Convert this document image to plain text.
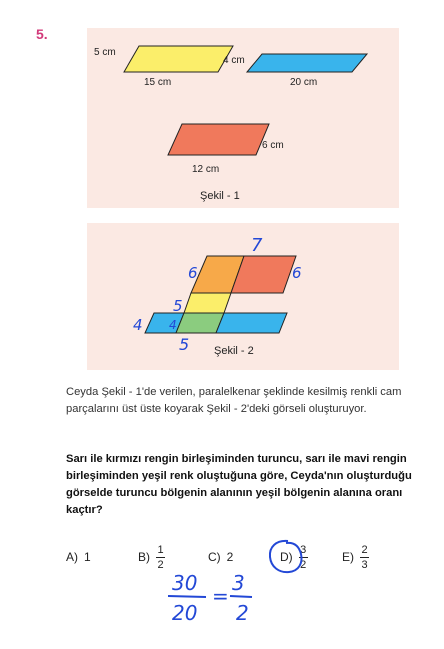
5.
5 cm
15 cm
4 cm
20 cm
6 cm
12 cm
Şekil - 1
7
6	6
5
4 4
5 Şekil - 2
Ceyda Şekil - 1'de verilen, paralelkenar şeklinde kesilmiş renkli cam parçalarını üst üste koyarak Şekil - 2'deki görseli oluşturuyor.
Sarı ile kırmızı rengin birleşiminden turuncu, sarı ile mavi rengin birleşiminden yeşil renk oluştuğuna göre, Ceyda'nın oluşturduğu görselde turuncu bölgenin alanının yeşil bölgenin alanına oranı kaçtır?
A) 1	$B) \frac{1}{2}$	C) 2	$D) \frac{3}{2}$	$E) \frac{2}{3}$
30
20
=
3
2
